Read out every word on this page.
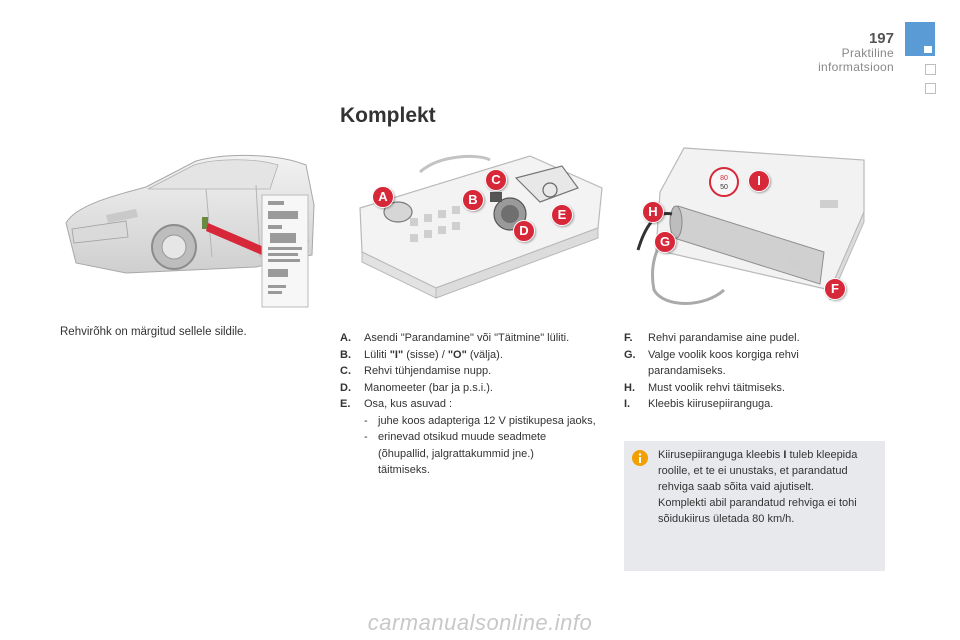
197
Praktiline informatsioon
Komplekt
Rehvirõhk on märgitud sellele sildile.
80
50
A	B
C
D
E	H
I
G
F
A.	Asendi "Parandamine" või "Täitmine" lüliti.
B.	Lüliti "I" (sisse) / "O" (välja).
C.	Rehvi tühjendamise nupp.
D.	Manomeeter (bar ja p.s.i.).
E.	Osa, kus asuvad :
- juhe koos adapteriga 12 V pistikupesa jaoks,
- erinevad otsikud muude seadmete (õhupallid, jalgrattakummid jne.) täitmiseks.
F.	Rehvi parandamise aine pudel.
G.	Valge voolik koos korgiga rehvi parandamiseks.
H.	Must voolik rehvi täitmiseks.
I.	Kleebis kiirusepiiranguga.
Kiirusepiiranguga kleebis I tuleb kleepida roolile, et te ei unustaks, et parandatud rehviga saab sõita vaid ajutiselt.
Komplekti abil parandatud rehviga ei tohi sõidukiirus ületada 80 km/h.
carmanualsonline.info
